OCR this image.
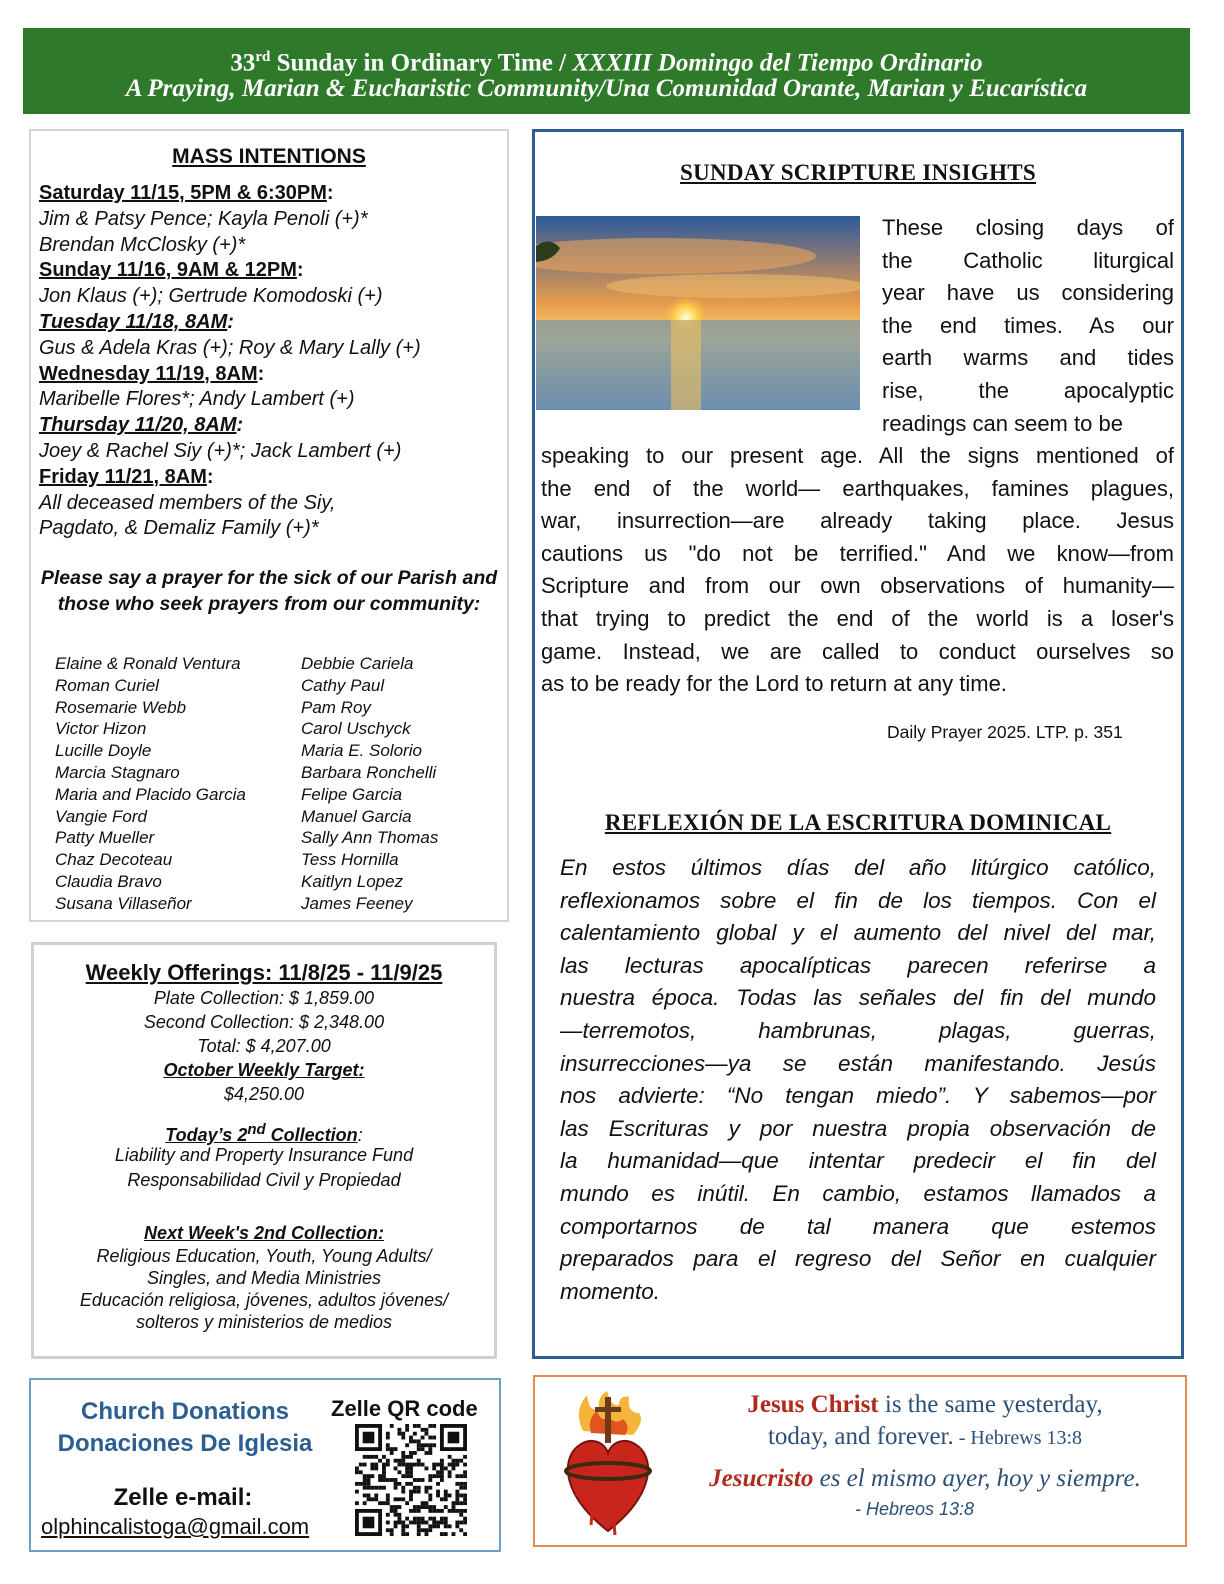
33rd Sunday in Ordinary Time / XXXIII Domingo del Tiempo Ordinario
A Praying, Marian & Eucharistic Community/Una Comunidad Orante, Marian y Eucarística
MASS INTENTIONS
Saturday 11/15, 5PM & 6:30PM:
Jim & Patsy Pence; Kayla Penoli (+)*
Brendan McClosky (+)*
Sunday 11/16, 9AM & 12PM:
Jon Klaus (+); Gertrude Komodoski (+)
Tuesday 11/18, 8AM:
Gus & Adela Kras (+); Roy & Mary Lally (+)
Wednesday 11/19, 8AM:
Maribelle Flores*; Andy Lambert (+)
Thursday 11/20, 8AM:
Joey & Rachel Siy (+)*; Jack Lambert (+)
Friday 11/21, 8AM:
All deceased members of the Siy,
Pagdato, & Demaliz Family (+)*
Please say a prayer for the sick of our Parish and those who seek prayers from our community:
Elaine & Ronald Ventura
Roman Curiel
Rosemarie Webb
Victor Hizon
Lucille Doyle
Marcia Stagnaro
Maria and Placido Garcia
Vangie Ford
Patty Mueller
Chaz Decoteau
Claudia Bravo
Susana Villaseñor
Debbie Cariela
Cathy Paul
Pam Roy
Carol Uschyck
Maria E. Solorio
Barbara Ronchelli
Felipe Garcia
Manuel Garcia
Sally Ann Thomas
Tess Hornilla
Kaitlyn Lopez
James Feeney
Weekly Offerings: 11/8/25 - 11/9/25
Plate Collection: $ 1,859.00
Second Collection: $ 2,348.00
Total: $ 4,207.00
October Weekly Target:
$4,250.00
Today’s 2nd Collection:
Liability and Property Insurance Fund
Responsabilidad Civil y Propiedad
Next Week's 2nd Collection:
Religious Education, Youth, Young Adults/
Singles, and Media Ministries
Educación religiosa, jóvenes, adultos jóvenes/
solteros y ministerios de medios
Church Donations
Donaciones De Iglesia
Zelle QR code
Zelle e-mail:
olphincalistoga@gmail.com
SUNDAY SCRIPTURE INSIGHTS
These closing days of
the Catholic liturgical
year have us considering
the end times. As our
earth warms and tides
rise, the apocalyptic
readings can seem to be
speaking to our present age. All the signs mentioned of
the end of the world— earthquakes, famines plagues,
war, insurrection—are already taking place. Jesus
cautions us "do not be terrified." And we know—from
Scripture and from our own observations of humanity—
that trying to predict the end of the world is a loser's
game. Instead, we are called to conduct ourselves so
as to be ready for the Lord to return at any time.
Daily Prayer 2025. LTP. p. 351
REFLEXIÓN DE LA ESCRITURA DOMINICAL
En estos últimos días del año litúrgico católico,
reflexionamos sobre el fin de los tiempos. Con el
calentamiento global y el aumento del nivel del mar,
las lecturas apocalípticas parecen referirse a
nuestra época. Todas las señales del fin del mundo
—terremotos, hambrunas, plagas, guerras,
insurrecciones—ya se están manifestando. Jesús
nos advierte: “No tengan miedo”. Y sabemos—por
las Escrituras y por nuestra propia observación de
la humanidad—que intentar predecir el fin del
mundo es inútil. En cambio, estamos llamados a
comportarnos de tal manera que estemos
preparados para el regreso del Señor en cualquier
momento.
Jesus Christ is the same yesterday,
today, and forever. - Hebrews 13:8
Jesucristo es el mismo ayer, hoy y siempre.
- Hebreos 13:8
